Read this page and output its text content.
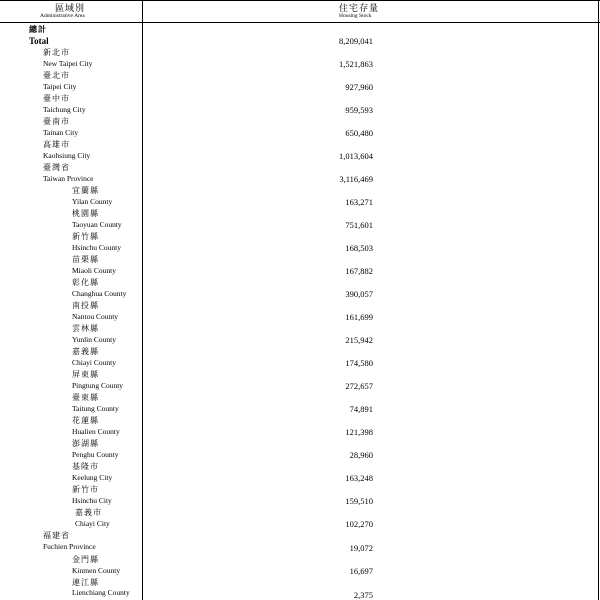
區域別
Administrative Area
住宅存量
Housing Stock
總計
Total	8,209,041
新北市
New Taipei City	1,521,863
臺北市
Taipei City	927,960
臺中市
Taichung City	959,593
臺南市
Tainan City	650,480
高雄市
Kaohsiung City	1,013,604
臺灣省
Taiwan Province	3,116,469
宜蘭縣
Yilan County	163,271
桃園縣
Taoyuan County	751,601
新竹縣
Hsinchu County	168,503
苗栗縣
Miaoli County	167,882
彰化縣
Changhua County	390,057
南投縣
Nantou County	161,699
雲林縣
Yunlin County	215,942
嘉義縣
Chiayi County	174,580
屏東縣
Pingtung County	272,657
臺東縣
Taitung County	74,891
花蓮縣
Hualien County	121,398
澎湖縣
Penghu County	28,960
基隆市
Keelung City	163,248
新竹市
Hsinchu City	159,510
嘉義市
Chiayi City	102,270
福建省
Fuchien Province	19,072
金門縣
Kinmen County	16,697
連江縣
Lienchiang County	2,375
